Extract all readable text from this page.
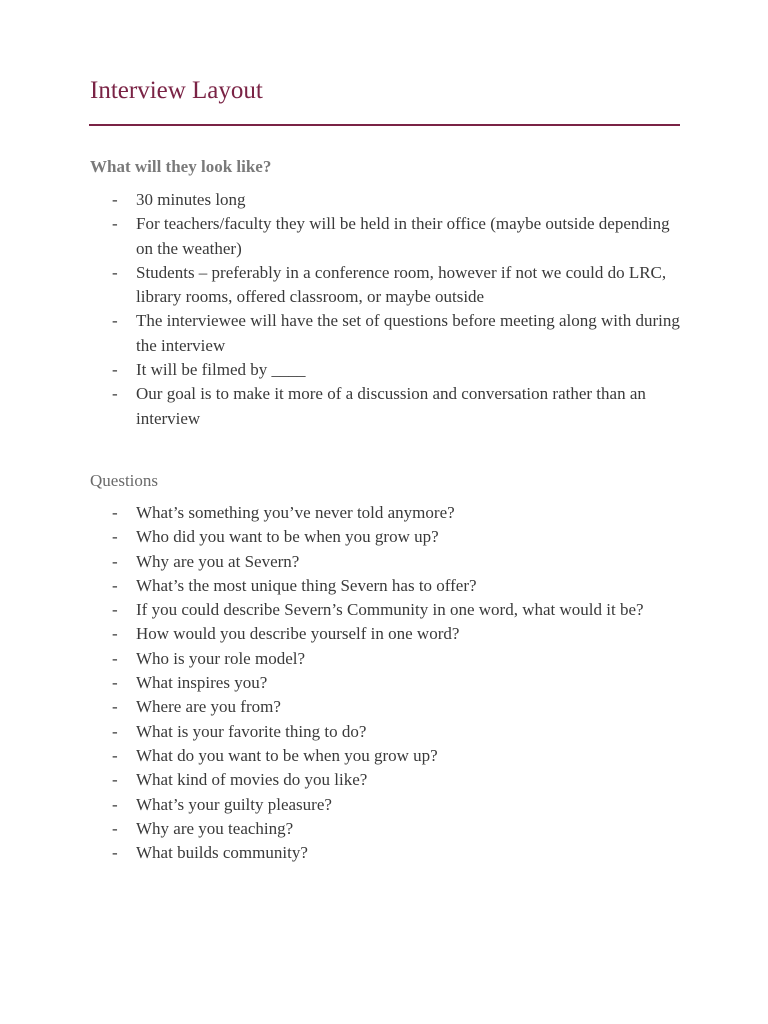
Interview Layout
What will they look like?
- 30 minutes long
- For teachers/faculty they will be held in their office (maybe outside depending on the weather)
- Students – preferably in a conference room, however if not we could do LRC, library rooms, offered classroom, or maybe outside
- The interviewee will have the set of questions before meeting along with during the interview
- It will be filmed by ____
- Our goal is to make it more of a discussion and conversation rather than an interview
Questions
- What’s something you’ve never told anymore?
- Who did you want to be when you grow up?
- Why are you at Severn?
- What’s the most unique thing Severn has to offer?
- If you could describe Severn’s Community in one word, what would it be?
- How would you describe yourself in one word?
- Who is your role model?
- What inspires you?
- Where are you from?
- What is your favorite thing to do?
- What do you want to be when you grow up?
- What kind of movies do you like?
- What’s your guilty pleasure?
- Why are you teaching?
- What builds community?
